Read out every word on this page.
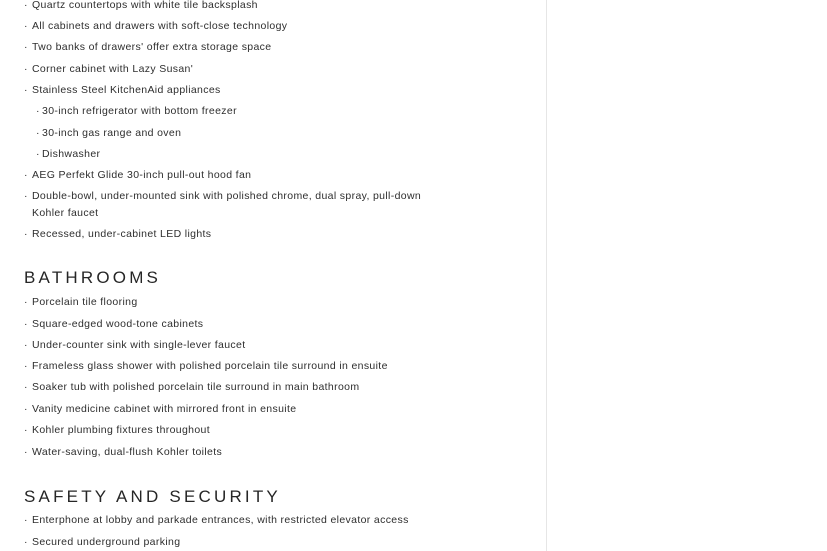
· Quartz countertops with white tile backsplash
· All cabinets and drawers with soft-close technology
· Two banks of drawers' offer extra storage space
· Corner cabinet with Lazy Susan'
· Stainless Steel KitchenAid appliances
· 30-inch refrigerator with bottom freezer
· 30-inch gas range and oven
· Dishwasher
· AEG Perfekt Glide 30-inch pull-out hood fan
· Double-bowl, under-mounted sink with polished chrome, dual spray, pull-down
Kohler faucet
· Recessed, under-cabinet LED lights
BATHROOMS
· Porcelain tile flooring
· Square-edged wood-tone cabinets
· Under-counter sink with single-lever faucet
· Frameless glass shower with polished porcelain tile surround in ensuite
· Soaker tub with polished porcelain tile surround in main bathroom
· Vanity medicine cabinet with mirrored front in ensuite
· Kohler plumbing fixtures throughout
· Water-saving, dual-flush Kohler toilets
SAFETY AND SECURITY
· Enterphone at lobby and parkade entrances, with restricted elevator access
· Secured underground parking
